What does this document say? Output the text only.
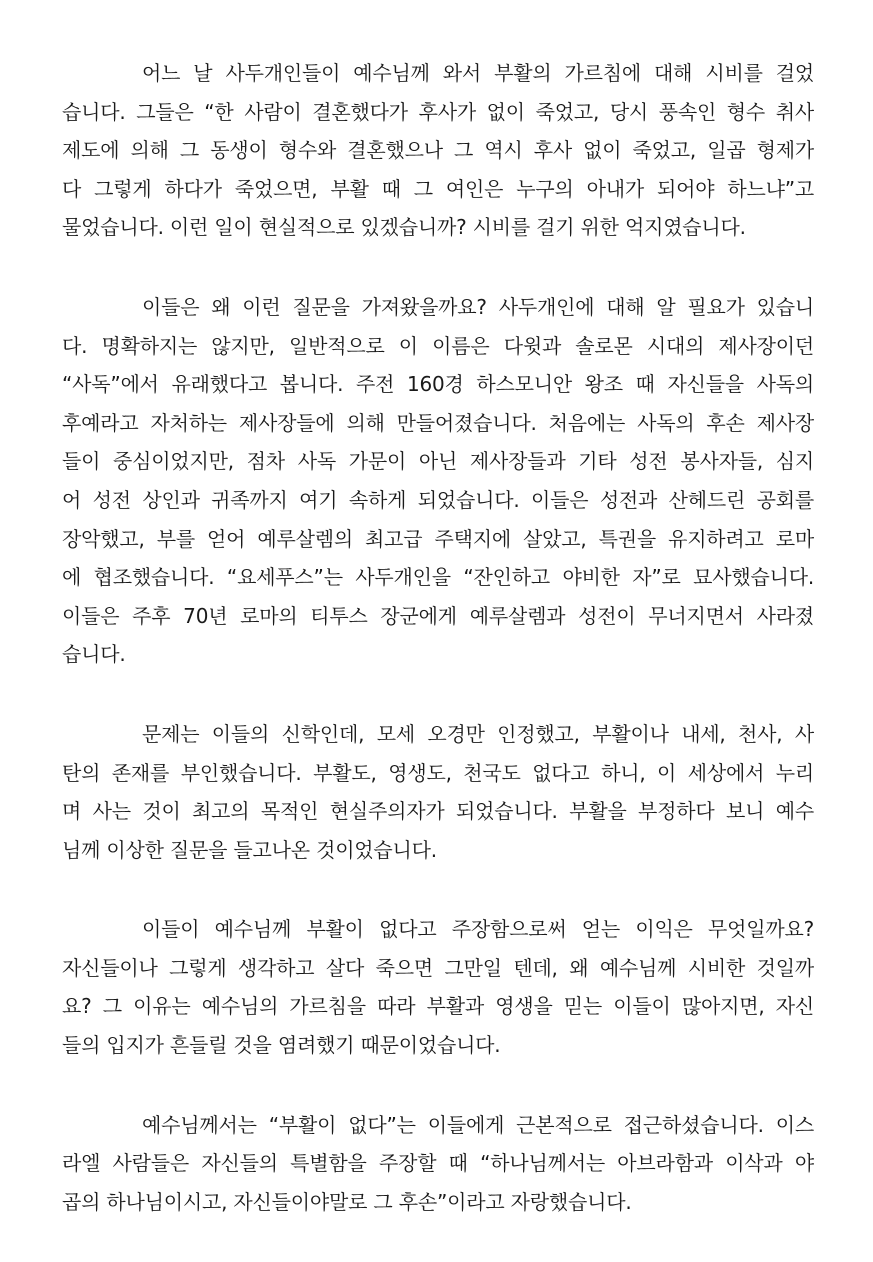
어느 날 사두개인들이 예수님께 와서 부활의 가르침에 대해 시비를 걸었
습니다. 그들은 “한 사람이 결혼했다가 후사가 없이 죽었고, 당시 풍속인 형수 취사
제도에 의해 그 동생이 형수와 결혼했으나 그 역시 후사 없이 죽었고, 일곱 형제가
다 그렇게 하다가 죽었으면, 부활 때 그 여인은 누구의 아내가 되어야 하느냐”고
물었습니다. 이런 일이 현실적으로 있겠습니까? 시비를 걸기 위한 억지였습니다.
이들은 왜 이런 질문을 가져왔을까요? 사두개인에 대해 알 필요가 있습니
다. 명확하지는 않지만, 일반적으로 이 이름은 다윗과 솔로몬 시대의 제사장이던
“사독”에서 유래했다고 봅니다. 주전 160경 하스모니안 왕조 때 자신들을 사독의
후예라고 자처하는 제사장들에 의해 만들어졌습니다. 처음에는 사독의 후손 제사장
들이 중심이었지만, 점차 사독 가문이 아닌 제사장들과 기타 성전 봉사자들, 심지
어 성전 상인과 귀족까지 여기 속하게 되었습니다. 이들은 성전과 산헤드린 공회를
장악했고, 부를 얻어 예루살렘의 최고급 주택지에 살았고, 특권을 유지하려고 로마
에 협조했습니다. “요세푸스”는 사두개인을 “잔인하고 야비한 자”로 묘사했습니다.
이들은 주후 70년 로마의 티투스 장군에게 예루살렘과 성전이 무너지면서 사라졌
습니다.
문제는 이들의 신학인데, 모세 오경만 인정했고, 부활이나 내세, 천사, 사
탄의 존재를 부인했습니다. 부활도, 영생도, 천국도 없다고 하니, 이 세상에서 누리
며 사는 것이 최고의 목적인 현실주의자가 되었습니다. 부활을 부정하다 보니 예수
님께 이상한 질문을 들고나온 것이었습니다.
이들이 예수님께 부활이 없다고 주장함으로써 얻는 이익은 무엇일까요?
자신들이나 그렇게 생각하고 살다 죽으면 그만일 텐데, 왜 예수님께 시비한 것일까
요? 그 이유는 예수님의 가르침을 따라 부활과 영생을 믿는 이들이 많아지면, 자신
들의 입지가 흔들릴 것을 염려했기 때문이었습니다.
예수님께서는 “부활이 없다”는 이들에게 근본적으로 접근하셨습니다. 이스
라엘 사람들은 자신들의 특별함을 주장할 때 “하나님께서는 아브라함과 이삭과 야
곱의 하나님이시고, 자신들이야말로 그 후손”이라고 자랑했습니다.
